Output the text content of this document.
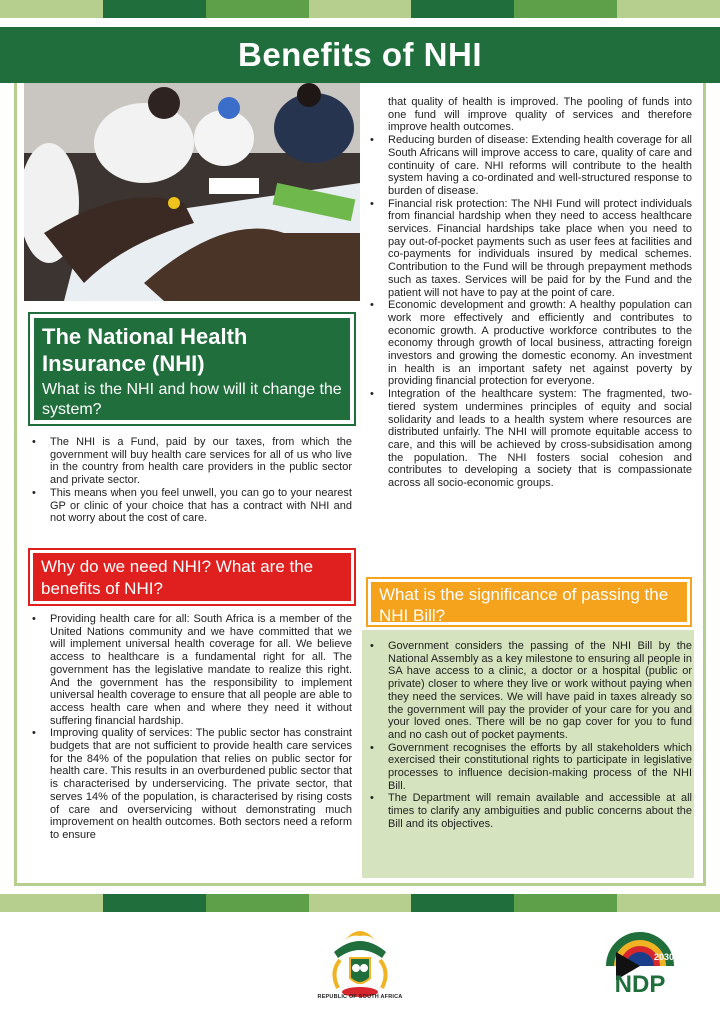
Benefits of NHI
The National Health Insurance (NHI)

What is the NHI and how will it change the system?

• The NHI is a Fund, paid by our taxes, from which the government will buy health care services for all of us who live in the country from health care providers in the public sector and private sector.
• This means when you feel unwell, you can go to your nearest GP or clinic of your choice that has a contract with NHI and not worry about the cost of care.
Why do we need NHI? What are the benefits of NHI?
• Providing health care for all: South Africa is a member of the United Nations community and we have committed that we will implement universal health coverage for all. We believe access to healthcare is a fundamental right for all. The government has the legislative mandate to realize this right. And the government has the responsibility to implement universal health coverage to ensure that all people are able to access health care when and where they need it without suffering financial hardship.
• Improving quality of services: The public sector has constraint budgets that are not sufficient to provide health care services for the 84% of the population that relies on public sector for health care. This results in an overburdened public sector that is characterised by underservicing. The private sector, that serves 14% of the population, is characterised by rising costs of care and overservicing without demonstrating much improvement on health outcomes. Both sectors need a reform to ensure
that quality of health is improved. The pooling of funds into one fund will improve quality of services and therefore improve health outcomes.
• Reducing burden of disease: Extending health coverage for all South Africans will improve access to care, quality of care and continuity of care. NHI reforms will contribute to the health system having a co-ordinated and well-structured response to burden of disease.
• Financial risk protection: The NHI Fund will protect individuals from financial hardship when they need to access healthcare services. Financial hardships take place when you need to pay out-of-pocket payments such as user fees at facilities and co-payments for individuals insured by medical schemes. Contribution to the Fund will be through prepayment methods such as taxes. Services will be paid for by the Fund and the patient will not have to pay at the point of care.
• Economic development and growth: A healthy population can work more effectively and efficiently and contributes to economic growth. A productive workforce contributes to the economy through growth of local business, attracting foreign investors and growing the domestic economy. An investment in health is an important safety net against poverty by providing financial protection for everyone.
• Integration of the healthcare system: The fragmented, two-tiered system undermines principles of equity and social solidarity and leads to a health system where resources are distributed unfairly. The NHI will promote equitable access to care, and this will be achieved by cross-subsidisation among the population. The NHI fosters social cohesion and contributes to developing a society that is compassionate across all socio-economic groups.
What is the significance of passing the NHI Bill?
• Government considers the passing of the NHI Bill by the National Assembly as a key milestone to ensuring all people in SA have access to a clinic, a doctor or a hospital (public or private) closer to where they live or work without paying when they need the services. We will have paid in taxes already so the government will pay the provider of your care for you and your loved ones. There will be no gap cover for you to fund and no cash out of pocket payments.
• Government recognises the efforts by all stakeholders which exercised their constitutional rights to participate in legislative processes to influence decision-making process of the NHI Bill.
• The Department will remain available and accessible at all times to clarify any ambiguities and public concerns about the Bill and its objectives.
REPUBLIC OF SOUTH AFRICA
2030
NDP
